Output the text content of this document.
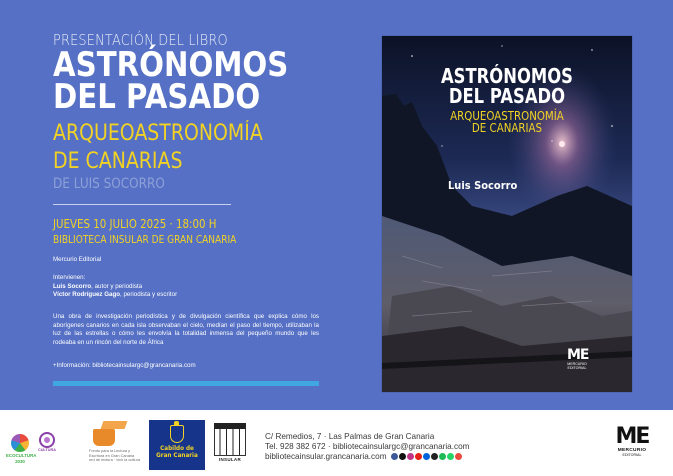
PRESENTACIÓN DEL LIBRO
ASTRÓNOMOS
DEL PASADO
ARQUEOASTRONOMÍA
DE CANARIAS
DE LUIS SOCORRO
JUEVES 10 JULIO 2025 · 18:00 H
BIBLIOTECA INSULAR DE GRAN CANARIA
Mercurio Editorial
Intervienen:
Luis Socorro, autor y periodista
Víctor Rodríguez Gago, periodista y escritor
Una obra de investigación periodística y de divulgación científica que explica cómo los aborígenes canarios en cada isla observaban el cielo, medían el paso del tiempo, utilizaban la luz de las estrellas o cómo les envolvía la totalidad inmensa del pequeño mundo que les rodeaba en un rincón del norte de África
+Información: bibliotecainsulargc@grancanaria.com
ASTRÓNOMOS
DEL PASADO
ARQUEOASTRONOMÍA
DE CANARIAS
Luis Socorro
ME
MERCURIO
EDITORIAL
ECOCULTURA
2030
CULTURA	Fondo para la Lectura y
Escritura en Gran Canaria
red de lectura · vivir la cultura
Cabildo de
Gran Canaria
INSULAR
C/ Remedios, 7 · Las Palmas de Gran Canaria
Tel. 928 382 672 · bibliotecainsulargc@grancanaria.com
bibliotecainsular.grancanaria.com
ME
MERCURIO
EDITORIAL
